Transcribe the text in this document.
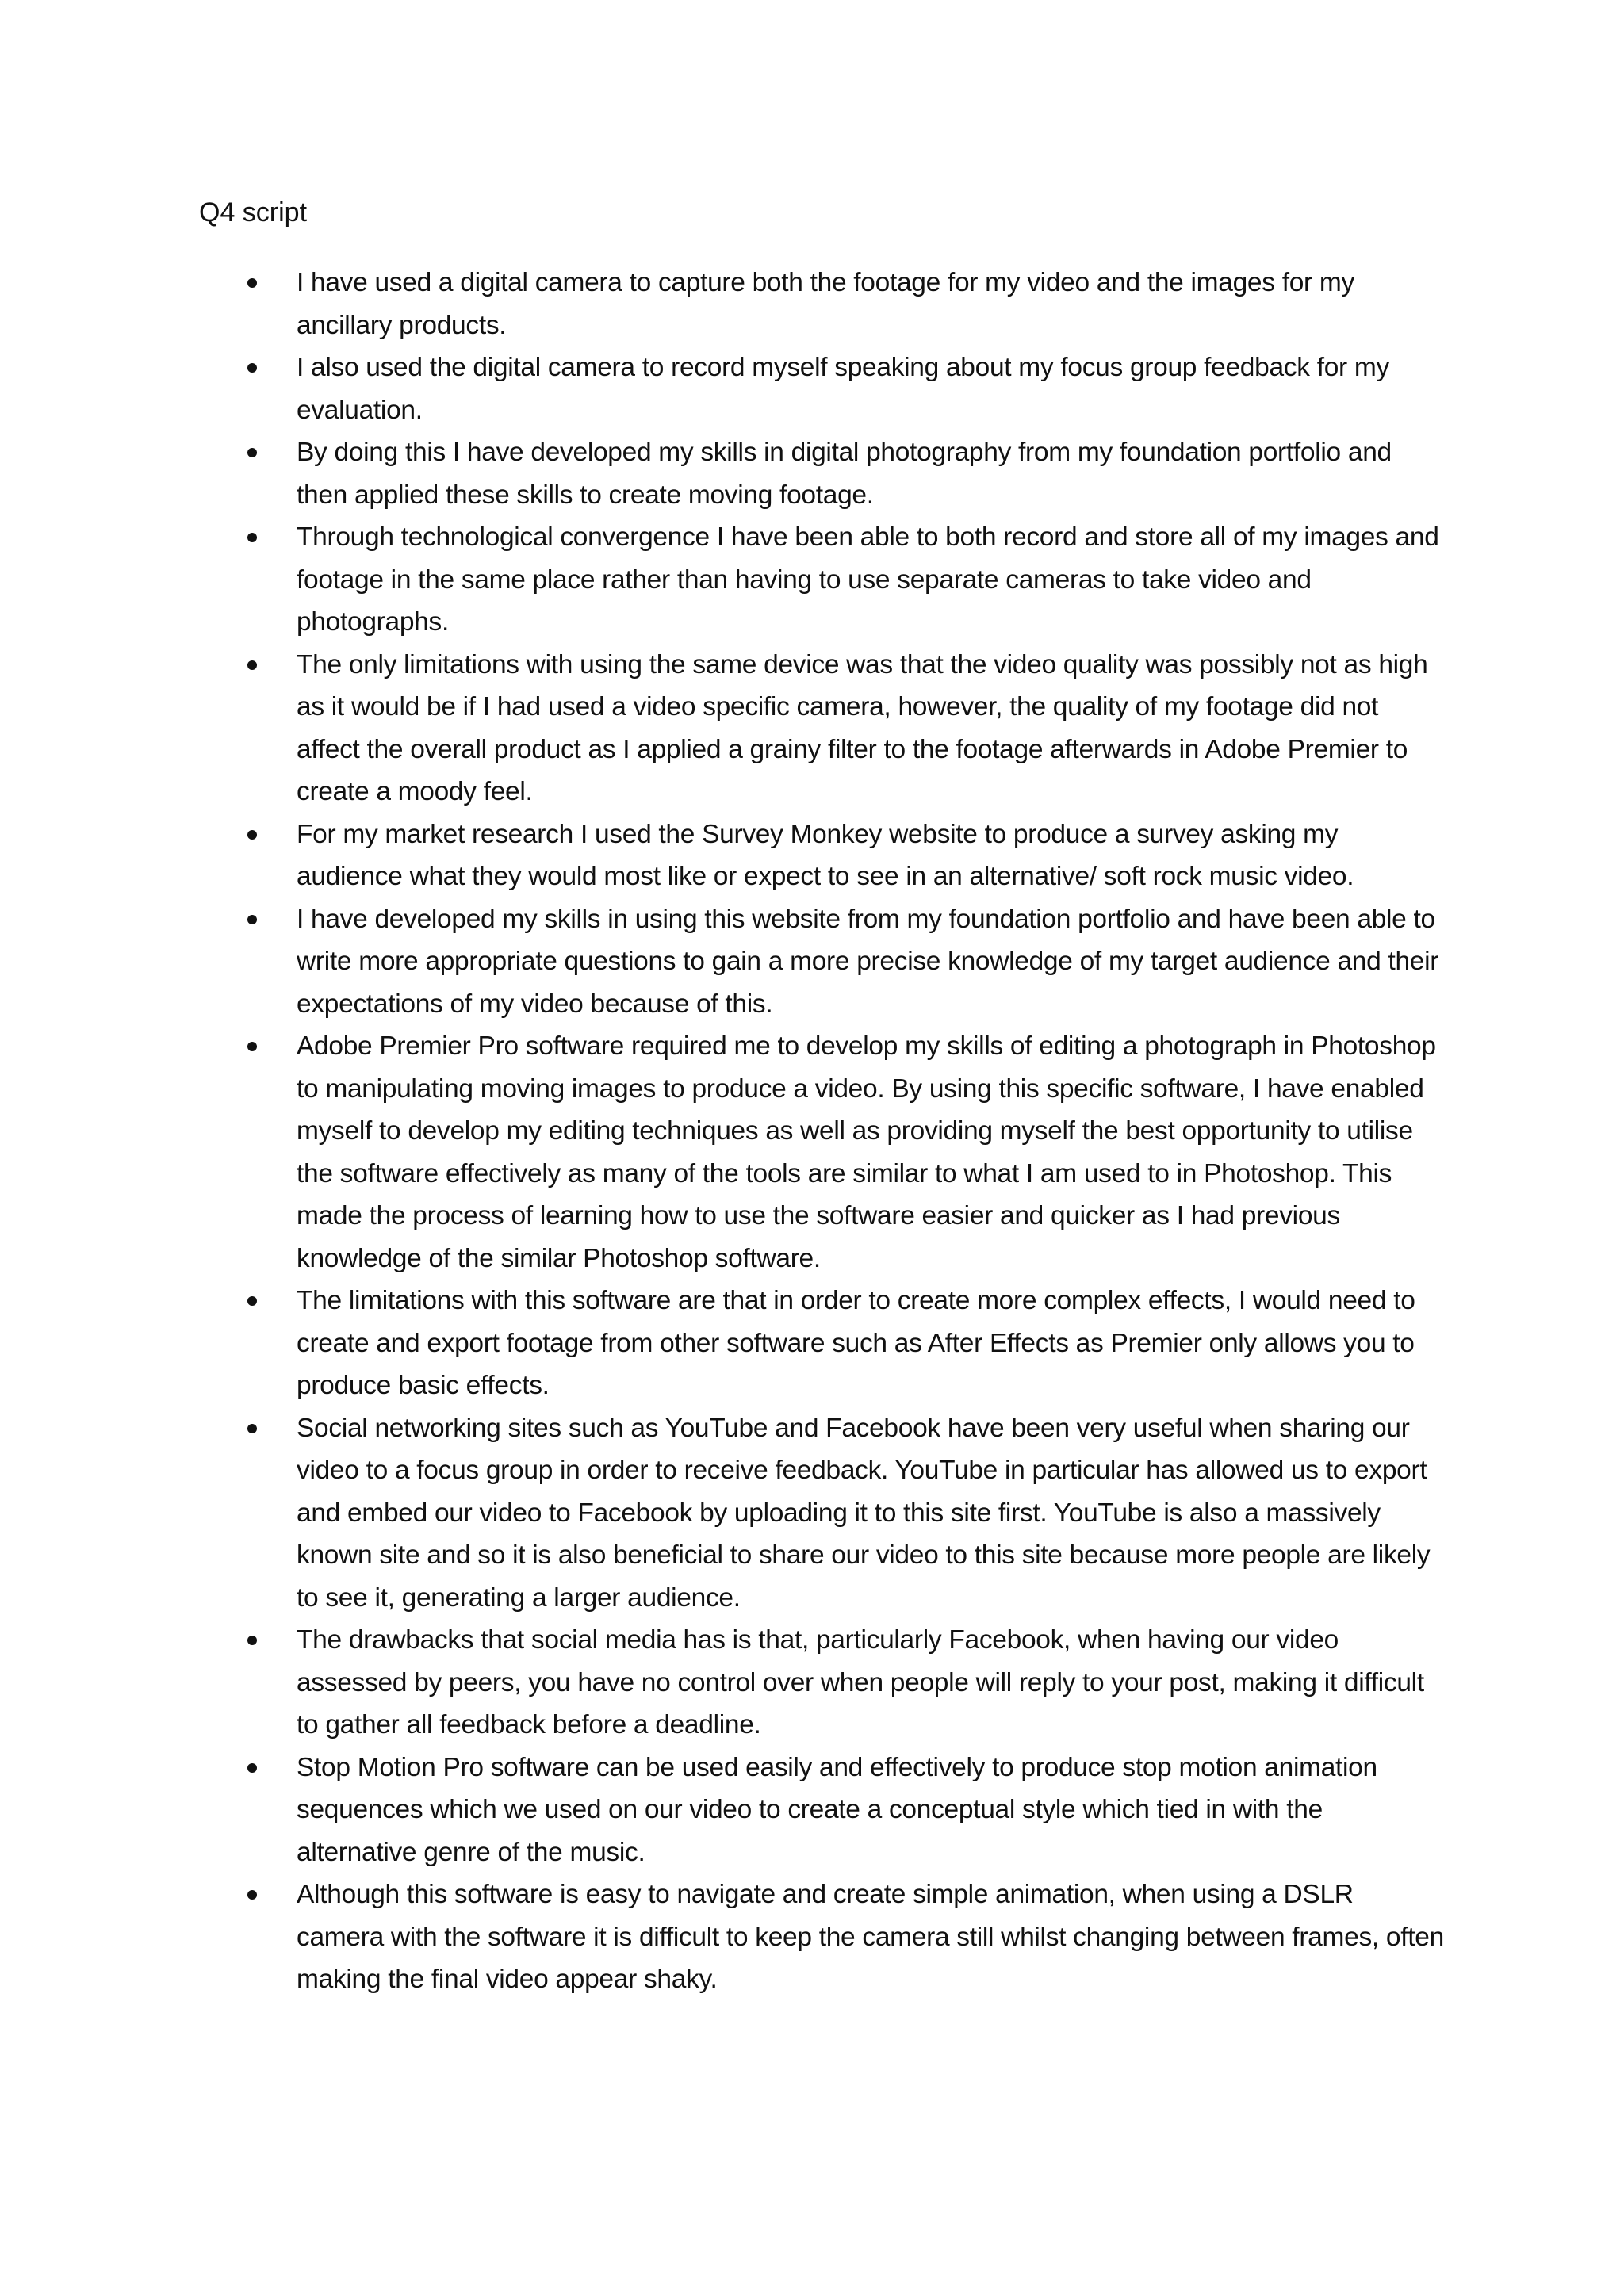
Q4 script
I have used a digital camera to capture both the footage for my video and the images for my ancillary products.
I also used the digital camera to record myself speaking about my focus group feedback for my evaluation.
By doing this I have developed my skills in digital photography from my foundation portfolio and then applied these skills to create moving footage.
Through technological convergence I have been able to both record and store all of my images and footage in the same place rather than having to use separate cameras to take video and photographs.
The only limitations with using the same device was that the video quality was possibly not as high as it would be if I had used a video specific camera, however, the quality of my footage did not affect the overall product as I applied a grainy filter to the footage afterwards in Adobe Premier to create a moody feel.
For my market research I used the Survey Monkey website to produce a survey asking my audience what they would most like or expect to see in an alternative/ soft rock music video.
I have developed my skills in using this website from my foundation portfolio and have been able to write more appropriate questions to gain a more precise knowledge of my target audience and their expectations of my video because of this.
Adobe Premier Pro software required me to develop my skills of editing a photograph in Photoshop to manipulating moving images to produce a video. By using this specific software, I have enabled myself to develop my editing techniques as well as providing myself the best opportunity to utilise the software effectively as many of the tools are similar to what I am used to in Photoshop. This made the process of learning how to use the software easier and quicker as I had previous knowledge of the similar Photoshop software.
The limitations with this software are that in order to create more complex effects, I would need to create and export footage from other software such as After Effects as Premier only allows you to produce basic effects.
Social networking sites such as YouTube and Facebook have been very useful when sharing our video to a focus group in order to receive feedback. YouTube in particular has allowed us to export and embed our video to Facebook by uploading it to this site first. YouTube is also a massively known site and so it is also beneficial to share our video to this site because more people are likely to see it, generating a larger audience.
The drawbacks that social media has is that, particularly Facebook, when having our video assessed by peers, you have no control over when people will reply to your post, making it difficult to gather all feedback before a deadline.
Stop Motion Pro software can be used easily and effectively to produce stop motion animation sequences which we used on our video to create a conceptual style which tied in with the alternative genre of the music.
Although this software is easy to navigate and create simple animation, when using a DSLR camera with the software it is difficult to keep the camera still whilst changing between frames, often making the final video appear shaky.
